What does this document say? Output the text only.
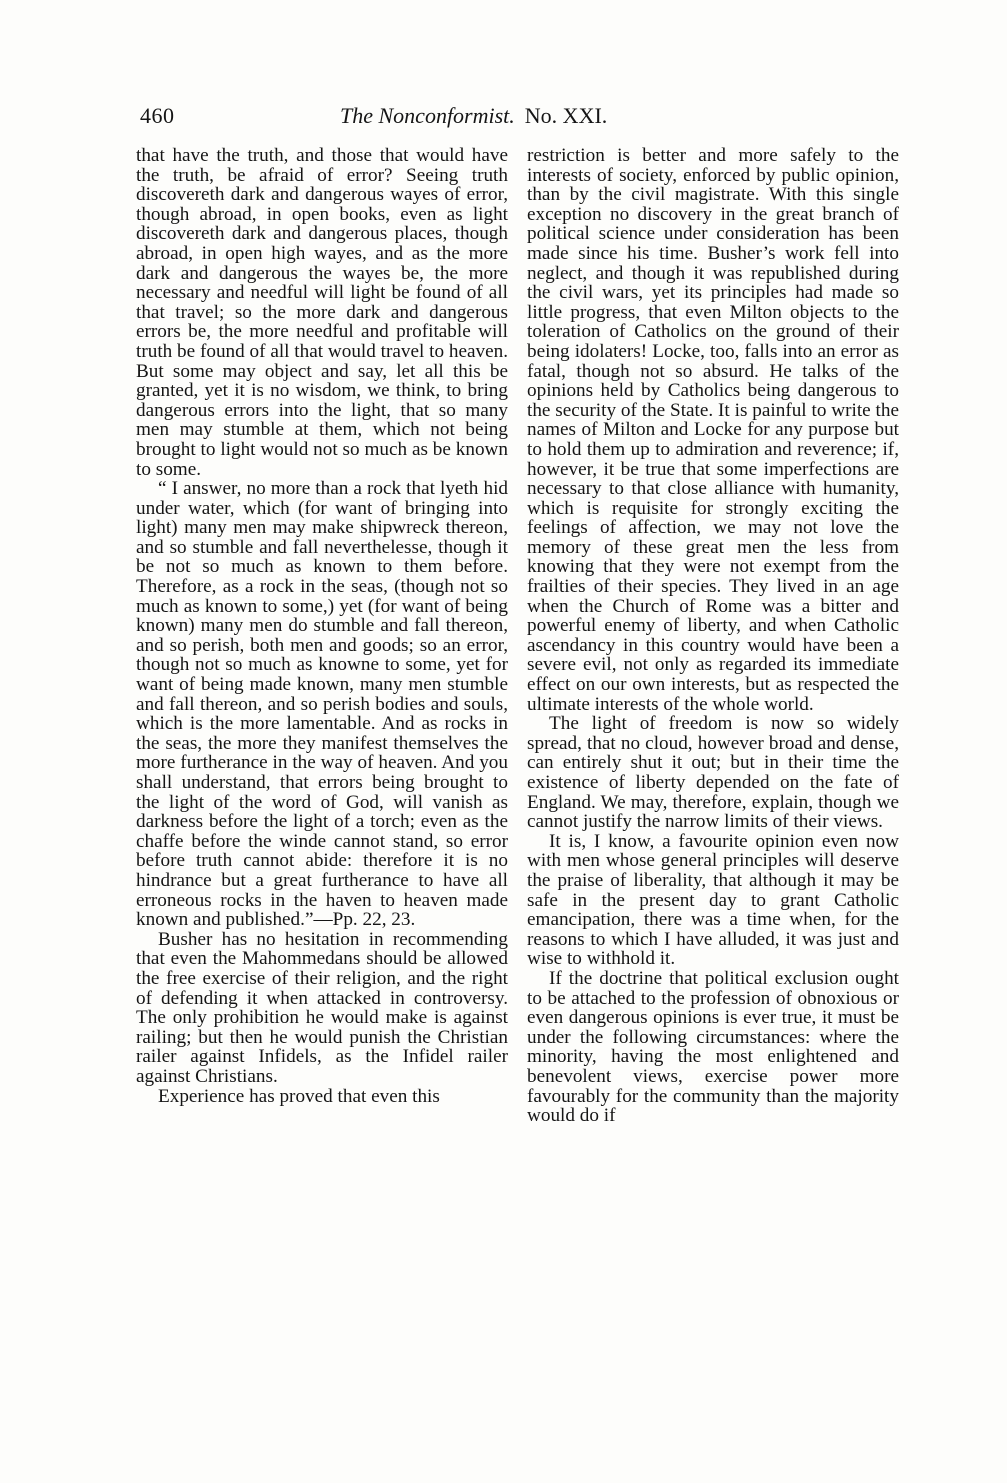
460	The Nonconformist. No. XXI.

that have the truth, and those that would have the truth, be afraid of error? Seeing truth discovereth dark and dangerous wayes of error, though abroad, in open books, even as light discovereth dark and dangerous places, though abroad, in open high wayes, and as the more dark and dangerous the wayes be, the more necessary and needful will light be found of all that travel; so the more dark and dangerous errors be, the more needful and profitable will truth be found of all that would travel to heaven. But some may object and say, let all this be granted, yet it is no wisdom, we think, to bring dangerous errors into the light, that so many men may stumble at them, which not being brought to light would not so much as be known to some.

“ I answer, no more than a rock that lyeth hid under water, which (for want of bringing into light) many men may make shipwreck thereon, and so stumble and fall neverthelesse, though it be not so much as known to them before. Therefore, as a rock in the seas, (though not so much as known to some,) yet (for want of being known) many men do stumble and fall thereon, and so perish, both men and goods; so an error, though not so much as knowne to some, yet for want of being made known, many men stumble and fall thereon, and so perish bodies and souls, which is the more lamentable. And as rocks in the seas, the more they manifest themselves the more furtherance in the way of heaven. And you shall understand, that errors being brought to the light of the word of God, will vanish as darkness before the light of a torch; even as the chaffe before the winde cannot stand, so error before truth cannot abide: therefore it is no hindrance but a great furtherance to have all erroneous rocks in the haven to heaven made known and published.”—Pp. 22, 23.

Busher has no hesitation in recommending that even the Mahommedans should be allowed the free exercise of their religion, and the right of defending it when attacked in controversy. The only prohibition he would make is against railing; but then he would punish the Christian railer against Infidels, as the Infidel railer against Christians.

Experience has proved that even this

restriction is better and more safely to the interests of society, enforced by public opinion, than by the civil magistrate. With this single exception no discovery in the great branch of political science under consideration has been made since his time. Busher’s work fell into neglect, and though it was republished during the civil wars, yet its principles had made so little progress, that even Milton objects to the toleration of Catholics on the ground of their being idolaters! Locke, too, falls into an error as fatal, though not so absurd. He talks of the opinions held by Catholics being dangerous to the security of the State. It is painful to write the names of Milton and Locke for any purpose but to hold them up to admiration and reverence; if, however, it be true that some imperfections are necessary to that close alliance with humanity, which is requisite for strongly exciting the feelings of affection, we may not love the memory of these great men the less from knowing that they were not exempt from the frailties of their species. They lived in an age when the Church of Rome was a bitter and powerful enemy of liberty, and when Catholic ascendancy in this country would have been a severe evil, not only as regarded its immediate effect on our own interests, but as respected the ultimate interests of the whole world.

The light of freedom is now so widely spread, that no cloud, however broad and dense, can entirely shut it out; but in their time the existence of liberty depended on the fate of England. We may, therefore, explain, though we cannot justify the narrow limits of their views.

It is, I know, a favourite opinion even now with men whose general principles will deserve the praise of liberality, that although it may be safe in the present day to grant Catholic emancipation, there was a time when, for the reasons to which I have alluded, it was just and wise to withhold it.

If the doctrine that political exclusion ought to be attached to the profession of obnoxious or even dangerous opinions is ever true, it must be under the following circumstances: where the minority, having the most enlightened and benevolent views, exercise power more favourably for the community than the majority would do if
